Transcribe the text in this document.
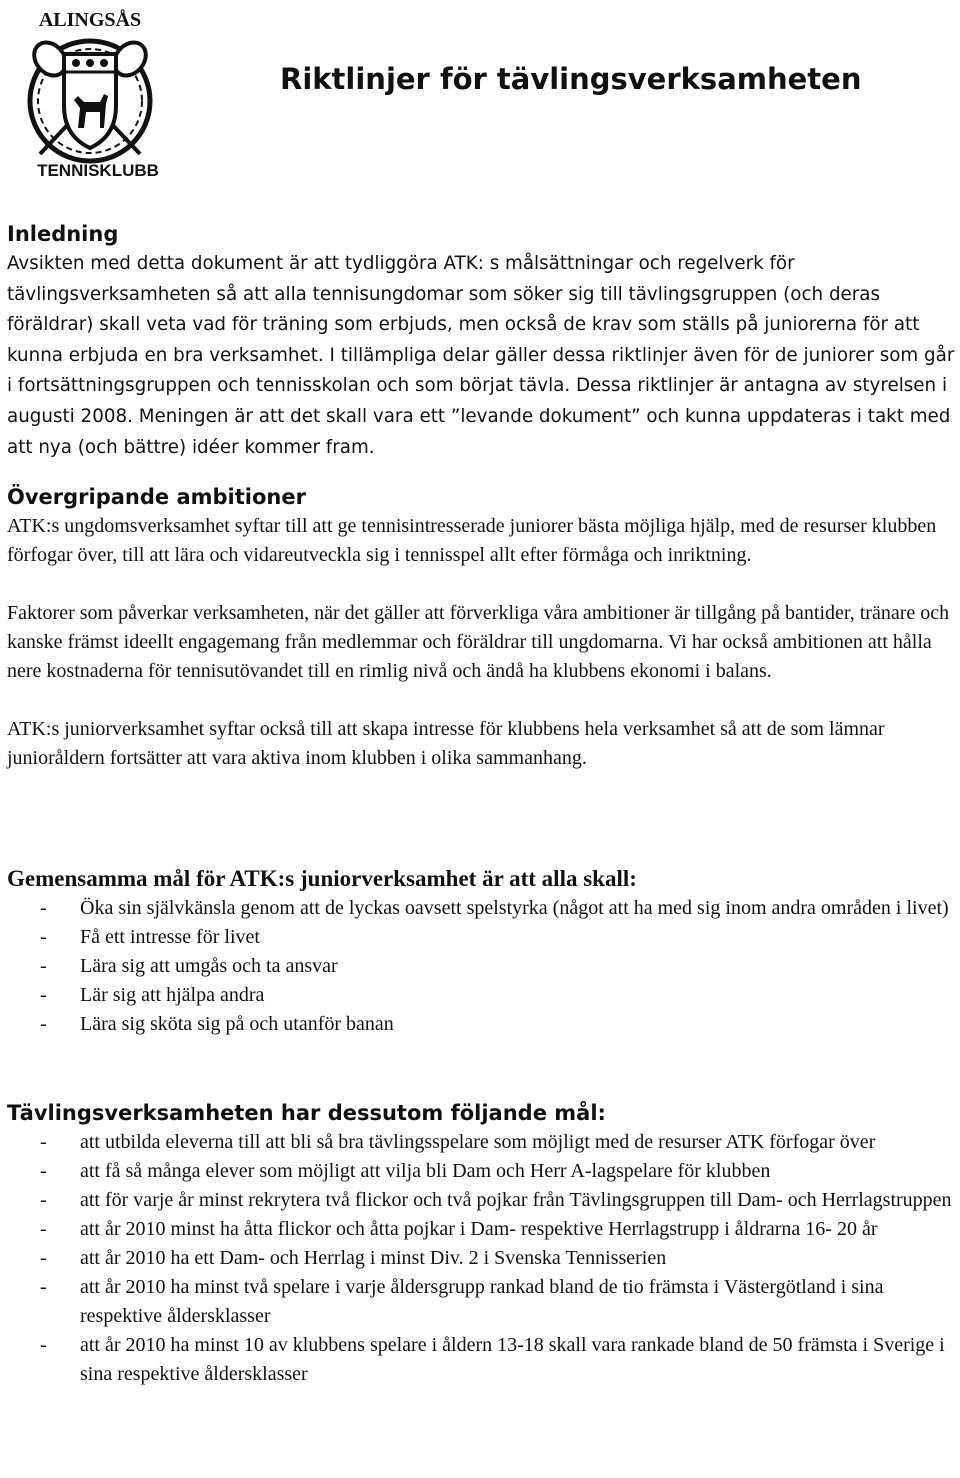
ALINGSÅS
TENNISKLUBB
Riktlinjer för tävlingsverksamheten
Inledning

Avsikten med detta dokument är att tydliggöra ATK: s målsättningar och regelverk för tävlingsverksamheten så att alla tennisungdomar som söker sig till tävlingsgruppen (och deras föräldrar) skall veta vad för träning som erbjuds, men också de krav som ställs på juniorerna för att kunna erbjuda en bra verksamhet. I tillämpliga delar gäller dessa riktlinjer även för de juniorer som går i fortsättningsgruppen och tennisskolan och som börjat tävla. Dessa riktlinjer är antagna av styrelsen i augusti 2008. Meningen är att det skall vara ett ”levande dokument” och kunna uppdateras i takt med att nya (och bättre) idéer kommer fram.

Övergripande ambitioner

ATK:s ungdomsverksamhet syftar till att ge tennisintresserade juniorer bästa möjliga hjälp, med de resurser klubben förfogar över, till att lära och vidareutveckla sig i tennisspel allt efter förmåga och inriktning.

Faktorer som påverkar verksamheten, när det gäller att förverkliga våra ambitioner är tillgång på bantider, tränare och kanske främst ideellt engagemang från medlemmar och föräldrar till ungdomarna. Vi har också ambitionen att hålla nere kostnaderna för tennisutövandet till en rimlig nivå och ändå ha klubbens ekonomi i balans.

ATK:s juniorverksamhet syftar också till att skapa intresse för klubbens hela verksamhet så att de som lämnar junioråldern fortsätter att vara aktiva inom klubben i olika sammanhang.

Gemensamma mål för ATK:s juniorverksamhet är att alla skall:
- Öka sin självkänsla genom att de lyckas oavsett spelstyrka (något att ha med sig inom andra områden i livet)
- Få ett intresse för livet
- Lära sig att umgås och ta ansvar
- Lär sig att hjälpa andra
- Lära sig sköta sig på och utanför banan
Tävlingsverksamheten har dessutom följande mål:
- att utbilda eleverna till att bli så bra tävlingsspelare som möjligt med de resurser ATK förfogar över
- att få så många elever som möjligt att vilja bli Dam och Herr A-lagspelare för klubben
- att för varje år minst rekrytera två flickor och två pojkar från Tävlingsgruppen till Dam- och Herrlagstruppen
- att år 2010 minst ha åtta flickor och åtta pojkar i Dam- respektive Herrlagstrupp i åldrarna 16- 20 år
- att år 2010 ha ett Dam- och Herrlag i minst Div. 2 i Svenska Tennisserien
- att år 2010 ha minst två spelare i varje åldersgrupp rankad bland de tio främsta i Västergötland i sina respektive åldersklasser
- att år 2010 ha minst 10 av klubbens spelare i åldern 13-18 skall vara rankade bland de 50 främsta i Sverige i sina respektive åldersklasser
